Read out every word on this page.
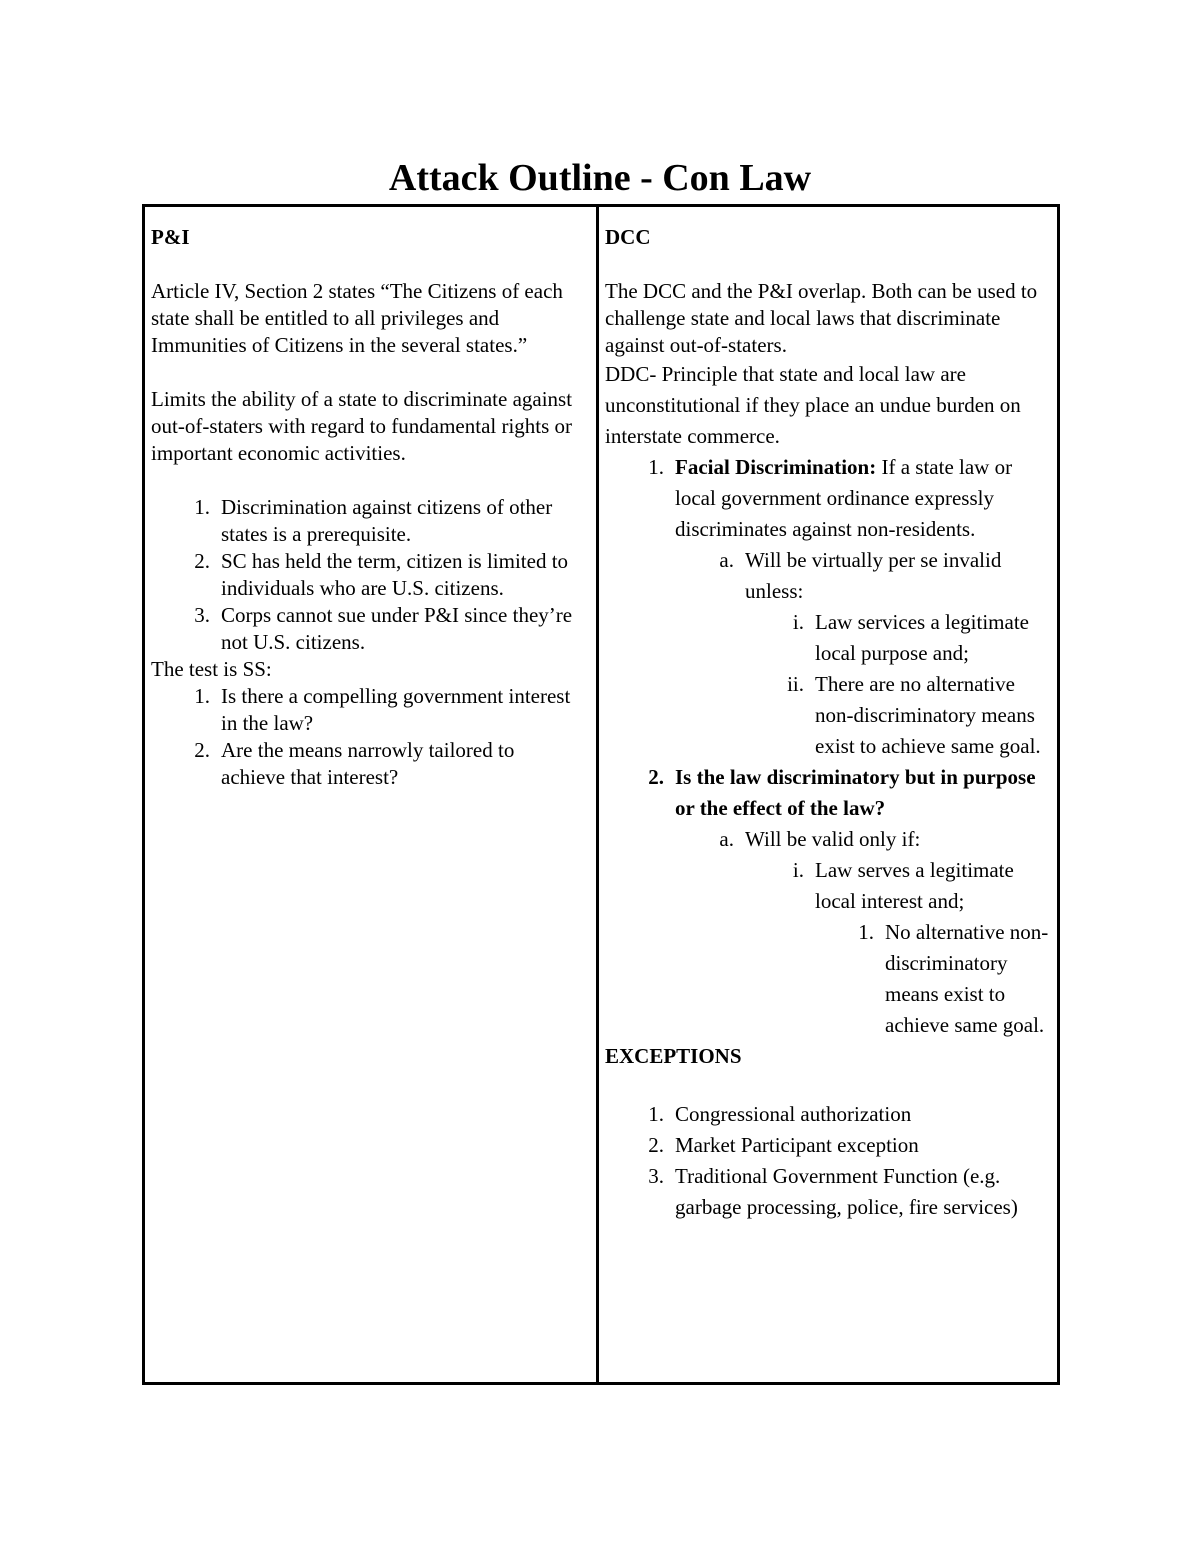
Attack Outline - Con Law

P&I

Article IV, Section 2 states “The Citizens of each state shall be entitled to all privileges and Immunities of Citizens in the several states.”

Limits the ability of a state to discriminate against out-of-staters with regard to fundamental rights or important economic activities.

1. Discrimination against citizens of other states is a prerequisite.
2. SC has held the term, citizen is limited to individuals who are U.S. citizens.
3. Corps cannot sue under P&I since they’re not U.S. citizens.

The test is SS:

1. Is there a compelling government interest in the law?
2. Are the means narrowly tailored to achieve that interest?

DCC

The DCC and the P&I overlap. Both can be used to challenge state and local laws that discriminate against out-of-staters.

DDC- Principle that state and local law are unconstitutional if they place an undue burden on interstate commerce.

1. Facial Discrimination: If a state law or local government ordinance expressly discriminates against non-residents.
a. Will be virtually per se invalid unless:
i. Law services a legitimate local purpose and;
ii. There are no alternative non-discriminatory means exist to achieve same goal.
2. Is the law discriminatory but in purpose or the effect of the law?
a. Will be valid only if:
i. Law serves a legitimate local interest and;
1. No alternative non-discriminatory means exist to achieve same goal.

EXCEPTIONS

1. Congressional authorization
2. Market Participant exception
3. Traditional Government Function (e.g. garbage processing, police, fire services)
